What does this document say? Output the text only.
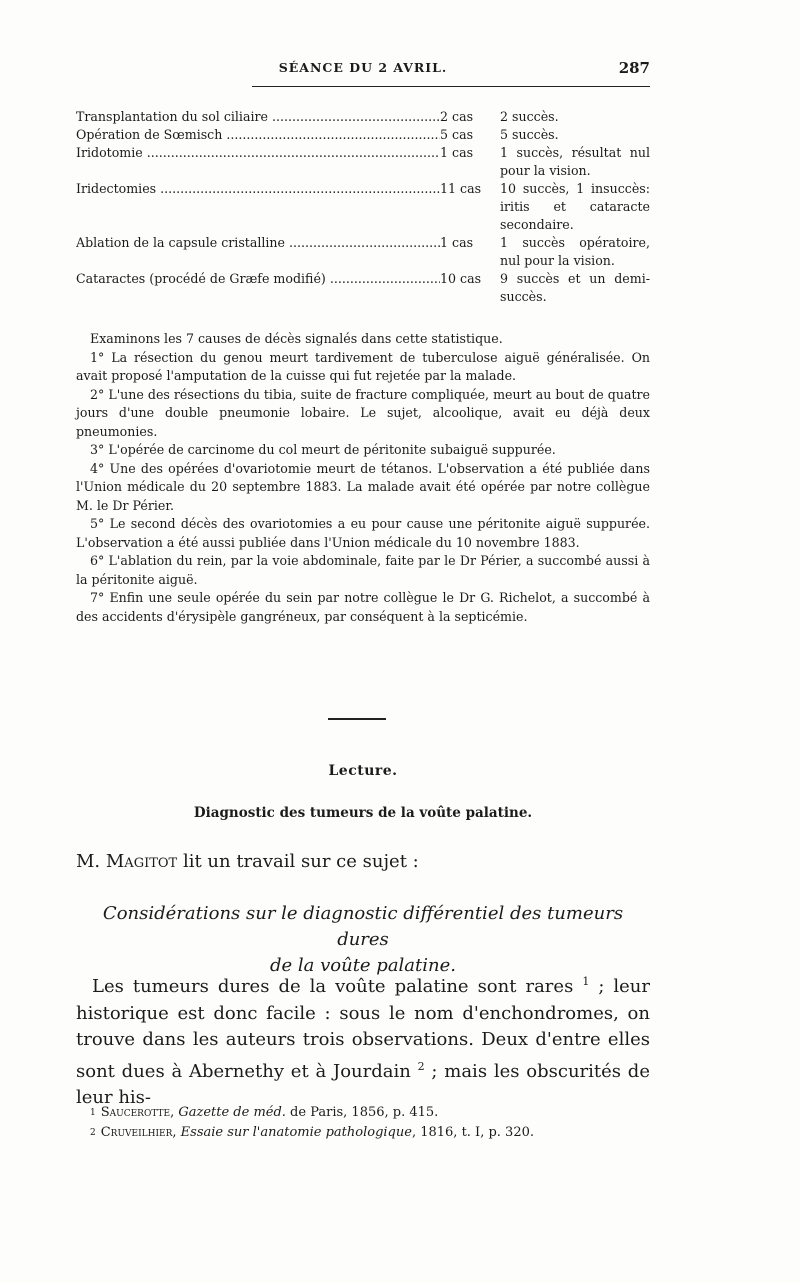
SÉANCE DU 2 AVRIL.	287
Transplantation du sol ciliaire .....	2 cas	2 succès.
Opération de Sœmisch .....	5 cas	5 succès.
Iridotomie .....	1 cas	1 succès, résultat nul pour la vision.
Iridectomies .....	11 cas	10 succès, 1 insuccès: iritis et cataracte secondaire.
Ablation de la capsule cristalline .....	1 cas	1 succès opératoire, nul pour la vision.
Cataractes (procédé de Græfe modifié) .....	10 cas	9 succès et un demi-succès.

Examinons les 7 causes de décès signalés dans cette statistique.

1° La résection du genou meurt tardivement de tuberculose aiguë généralisée. On avait proposé l'amputation de la cuisse qui fut rejetée par la malade.

2° L'une des résections du tibia, suite de fracture compliquée, meurt au bout de quatre jours d'une double pneumonie lobaire. Le sujet, alcoolique, avait eu déjà deux pneumonies.

3° L'opérée de carcinome du col meurt de péritonite subaiguë suppurée.

4° Une des opérées d'ovariotomie meurt de tétanos. L'observation a été publiée dans l'Union médicale du 20 septembre 1883. La malade avait été opérée par notre collègue M. le Dr Périer.

5° Le second décès des ovariotomies a eu pour cause une péritonite aiguë suppurée. L'observation a été aussi publiée dans l'Union médicale du 10 novembre 1883.

6° L'ablation du rein, par la voie abdominale, faite par le Dr Périer, a succombé aussi à la péritonite aiguë.

7° Enfin une seule opérée du sein par notre collègue le Dr G. Richelot, a succombé à des accidents d'érysipèle gangréneux, par conséquent à la septicémie.

Lecture.
Diagnostic des tumeurs de la voûte palatine.
M. Magitot lit un travail sur ce sujet :
Considérations sur le diagnostic différentiel des tumeurs dures
de la voûte palatine.

Les tumeurs dures de la voûte palatine sont rares $^1$ ; leur historique est donc facile : sous le nom d'enchondromes, on trouve dans les auteurs trois observations. Deux d'entre elles sont dues à Abernethy et à Jourdain $^2$ ; mais les obscurités de leur his-

$^1$ Saucerotte, Gazette de méd. de Paris, 1856, p. 415.

$^2$ Cruveilhier, Essaie sur l'anatomie pathologique, 1816, t. I, p. 320.
